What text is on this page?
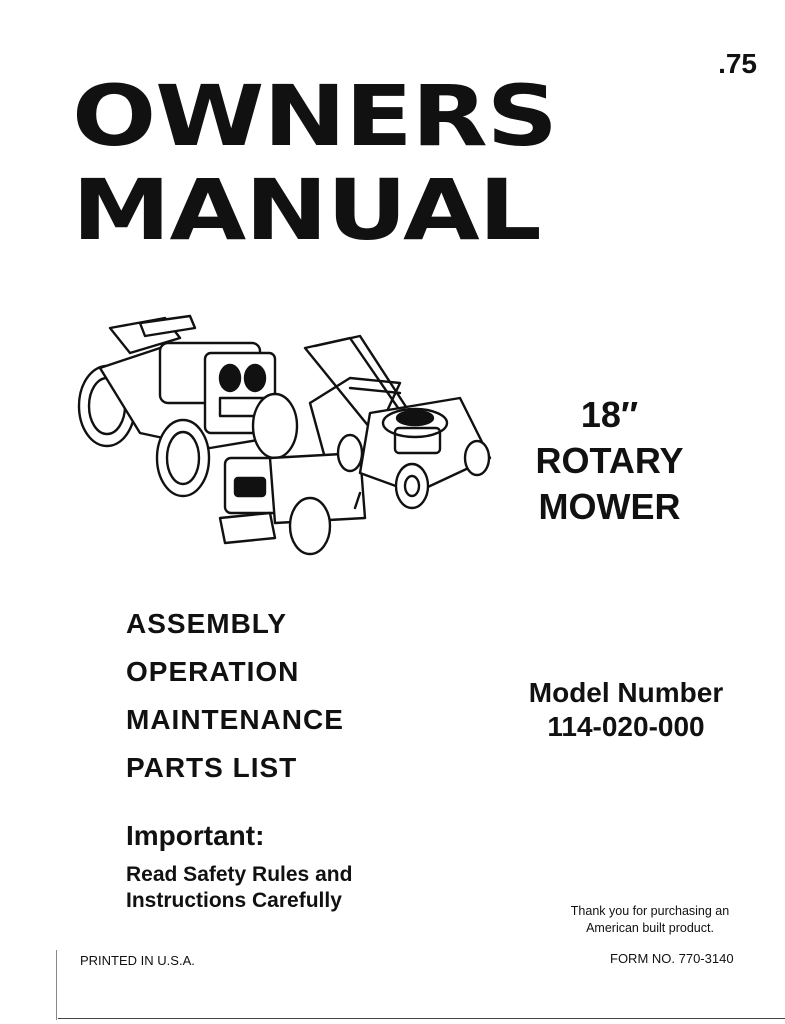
.75
OWNERS
MANUAL
18″
ROTARY
MOWER
ASSEMBLY
OPERATION
MAINTENANCE
PARTS LIST
Model Number
114-020-000
Important:
Read Safety Rules and
Instructions Carefully	Thank you for purchasing an
American built product.
PRINTED IN U.S.A.	FORM NO. 770-3140
